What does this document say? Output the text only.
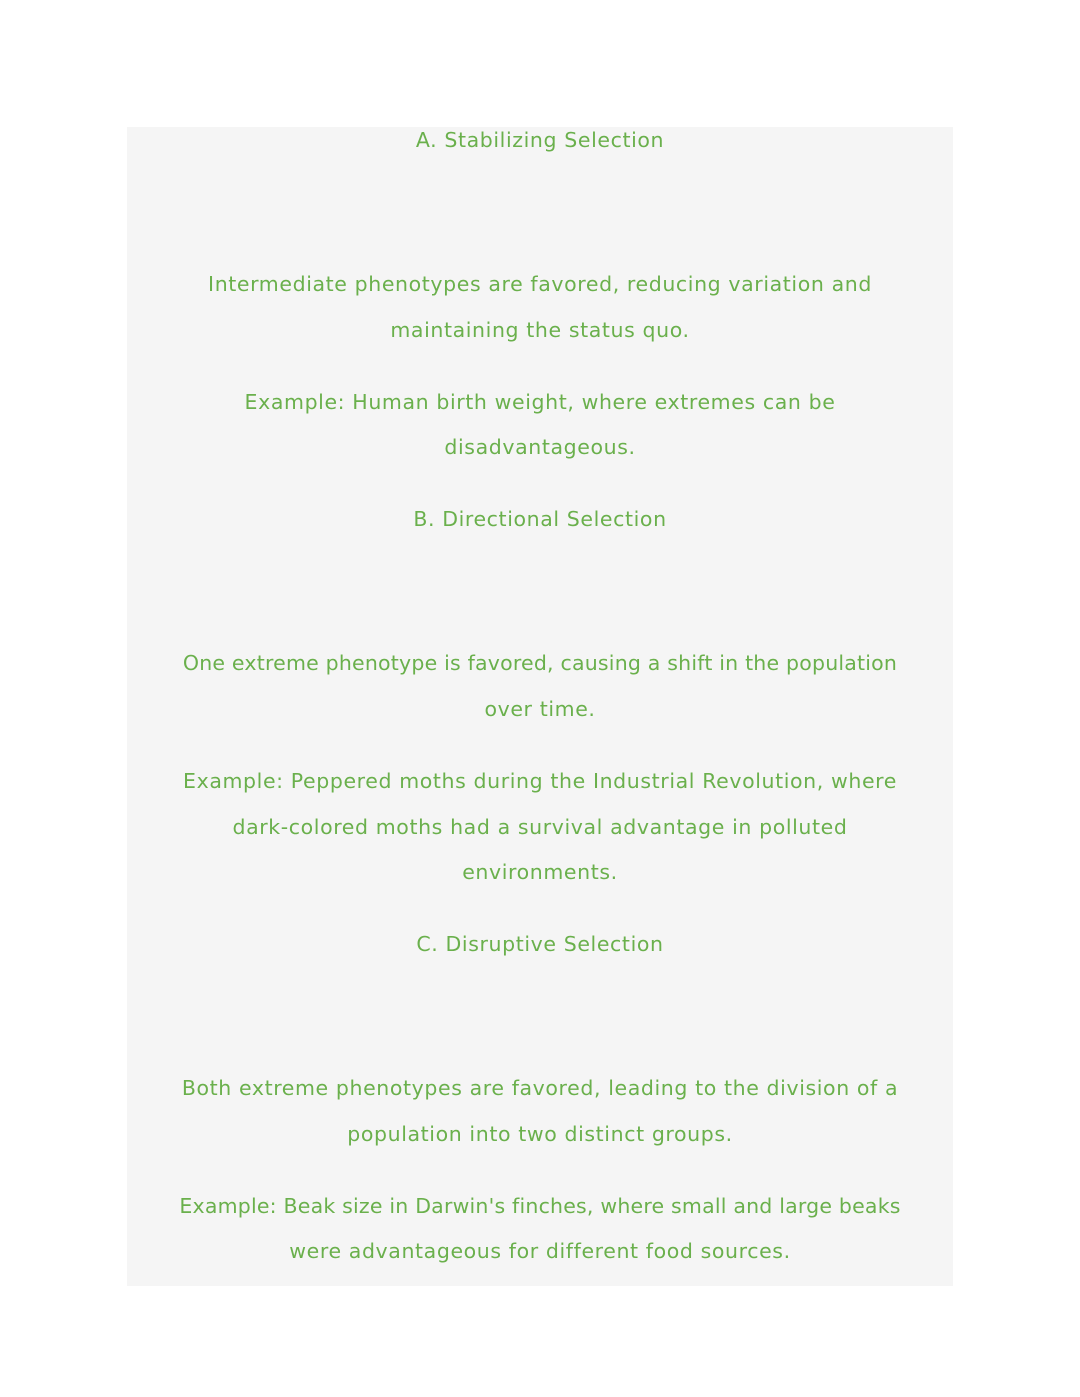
A. Stabilizing Selection

Intermediate phenotypes are favored, reducing variation and

maintaining the status quo.

Example: Human birth weight, where extremes can be

disadvantageous.

B. Directional Selection

One extreme phenotype is favored, causing a shift in the population

over time.

Example: Peppered moths during the Industrial Revolution, where

dark-colored moths had a survival advantage in polluted

environments.

C. Disruptive Selection

Both extreme phenotypes are favored, leading to the division of a

population into two distinct groups.

Example: Beak size in Darwin's finches, where small and large beaks

were advantageous for different food sources.
